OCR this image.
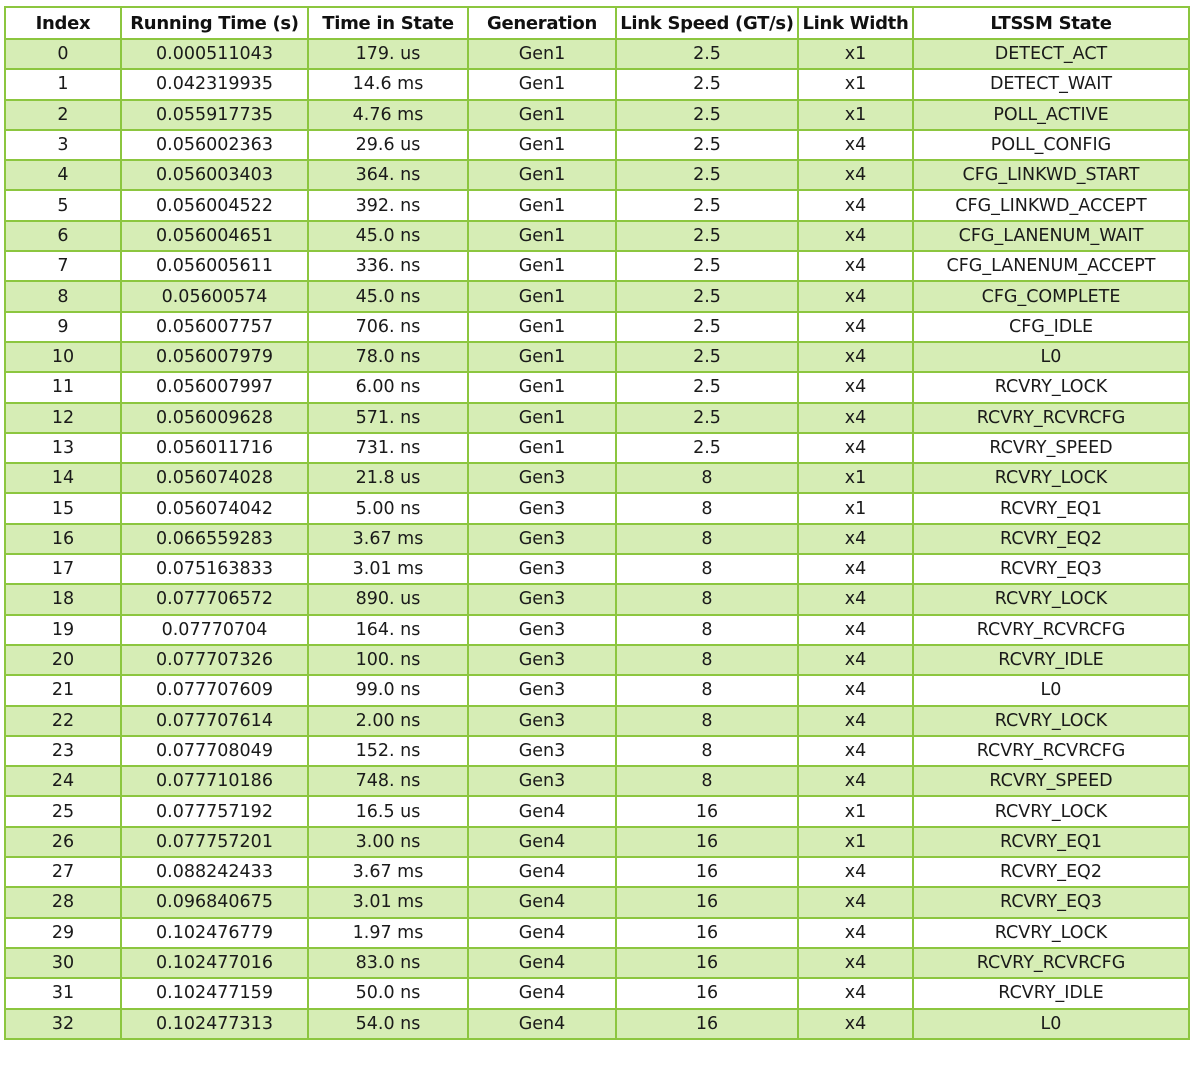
Index	Running Time (s)	Time in State	Generation	Link Speed (GT/s)	Link Width	LTSSM State
0	0.000511043	179. us	Gen1	2.5	x1	DETECT_ACT
1	0.042319935	14.6 ms	Gen1	2.5	x1	DETECT_WAIT
2	0.055917735	4.76 ms	Gen1	2.5	x1	POLL_ACTIVE
3	0.056002363	29.6 us	Gen1	2.5	x4	POLL_CONFIG
4	0.056003403	364. ns	Gen1	2.5	x4	CFG_LINKWD_START
5	0.056004522	392. ns	Gen1	2.5	x4	CFG_LINKWD_ACCEPT
6	0.056004651	45.0 ns	Gen1	2.5	x4	CFG_LANENUM_WAIT
7	0.056005611	336. ns	Gen1	2.5	x4	CFG_LANENUM_ACCEPT
8	0.05600574	45.0 ns	Gen1	2.5	x4	CFG_COMPLETE
9	0.056007757	706. ns	Gen1	2.5	x4	CFG_IDLE
10	0.056007979	78.0 ns	Gen1	2.5	x4	L0
11	0.056007997	6.00 ns	Gen1	2.5	x4	RCVRY_LOCK
12	0.056009628	571. ns	Gen1	2.5	x4	RCVRY_RCVRCFG
13	0.056011716	731. ns	Gen1	2.5	x4	RCVRY_SPEED
14	0.056074028	21.8 us	Gen3	8	x1	RCVRY_LOCK
15	0.056074042	5.00 ns	Gen3	8	x1	RCVRY_EQ1
16	0.066559283	3.67 ms	Gen3	8	x4	RCVRY_EQ2
17	0.075163833	3.01 ms	Gen3	8	x4	RCVRY_EQ3
18	0.077706572	890. us	Gen3	8	x4	RCVRY_LOCK
19	0.07770704	164. ns	Gen3	8	x4	RCVRY_RCVRCFG
20	0.077707326	100. ns	Gen3	8	x4	RCVRY_IDLE
21	0.077707609	99.0 ns	Gen3	8	x4	L0
22	0.077707614	2.00 ns	Gen3	8	x4	RCVRY_LOCK
23	0.077708049	152. ns	Gen3	8	x4	RCVRY_RCVRCFG
24	0.077710186	748. ns	Gen3	8	x4	RCVRY_SPEED
25	0.077757192	16.5 us	Gen4	16	x1	RCVRY_LOCK
26	0.077757201	3.00 ns	Gen4	16	x1	RCVRY_EQ1
27	0.088242433	3.67 ms	Gen4	16	x4	RCVRY_EQ2
28	0.096840675	3.01 ms	Gen4	16	x4	RCVRY_EQ3
29	0.102476779	1.97 ms	Gen4	16	x4	RCVRY_LOCK
30	0.102477016	83.0 ns	Gen4	16	x4	RCVRY_RCVRCFG
31	0.102477159	50.0 ns	Gen4	16	x4	RCVRY_IDLE
32	0.102477313	54.0 ns	Gen4	16	x4	L0
